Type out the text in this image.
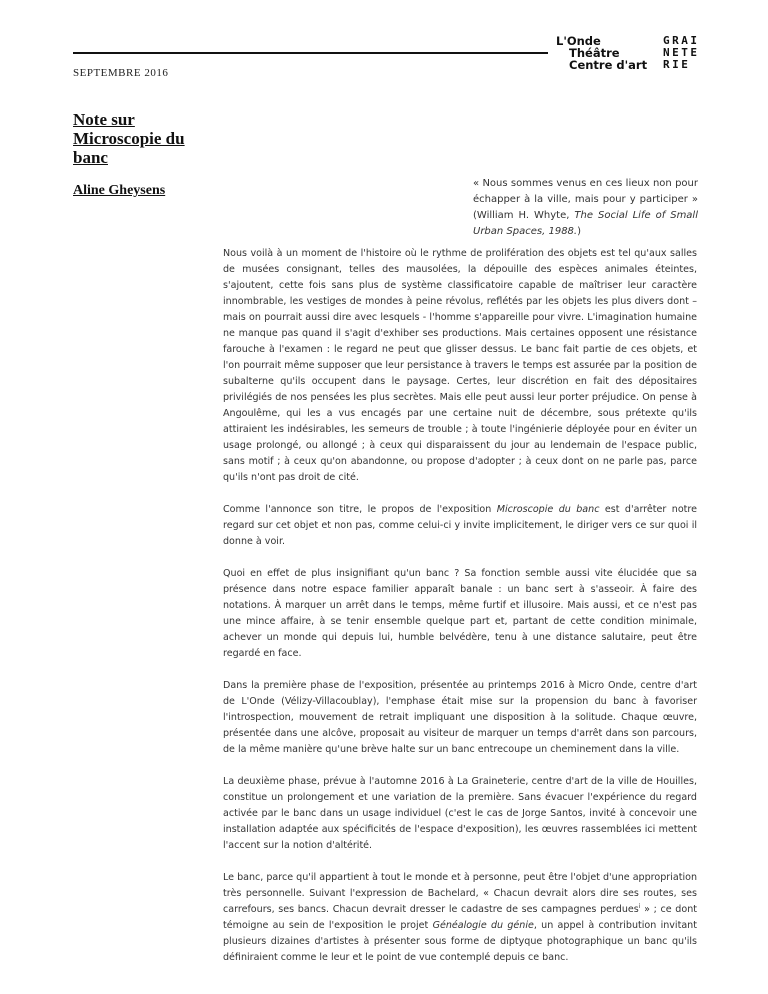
SEPTEMBRE 2016
L'Onde
Théâtre
Centre d'art
GRAI
NETE
RIE
Note sur Microscopie du banc
Aline Gheysens	« Nous sommes venus en ces lieux non pour échapper à la ville, mais pour y participer » (William H. Whyte, The Social Life of Small Urban Spaces, 1988.)

Nous voilà à un moment de l'histoire où le rythme de prolifération des objets est tel qu'aux salles de musées consignant, telles des mausolées, la dépouille des espèces animales éteintes, s'ajoutent, cette fois sans plus de système classificatoire capable de maîtriser leur caractère innombrable, les vestiges de mondes à peine révolus, reflétés par les objets les plus divers dont – mais on pourrait aussi dire avec lesquels - l'homme s'appareille pour vivre. L'imagination humaine ne manque pas quand il s'agit d'exhiber ses productions. Mais certaines opposent une résistance farouche à l'examen : le regard ne peut que glisser dessus. Le banc fait partie de ces objets, et l'on pourrait même supposer que leur persistance à travers le temps est assurée par la position de subalterne qu'ils occupent dans le paysage. Certes, leur discrétion en fait des dépositaires privilégiés de nos pensées les plus secrètes. Mais elle peut aussi leur porter préjudice. On pense à Angoulême, qui les a vus encagés par une certaine nuit de décembre, sous prétexte qu'ils attiraient les indésirables, les semeurs de trouble ; à toute l'ingénierie déployée pour en éviter un usage prolongé, ou allongé ; à ceux qui disparaissent du jour au lendemain de l'espace public, sans motif ; à ceux qu'on abandonne, ou propose d'adopter ; à ceux dont on ne parle pas, parce qu'ils n'ont pas droit de cité.

Comme l'annonce son titre, le propos de l'exposition Microscopie du banc est d'arrêter notre regard sur cet objet et non pas, comme celui-ci y invite implicitement, le diriger vers ce sur quoi il donne à voir.

Quoi en effet de plus insignifiant qu'un banc ? Sa fonction semble aussi vite élucidée que sa présence dans notre espace familier apparaît banale : un banc sert à s'asseoir. À faire des notations. À marquer un arrêt dans le temps, même furtif et illusoire. Mais aussi, et ce n'est pas une mince affaire, à se tenir ensemble quelque part et, partant de cette condition minimale, achever un monde qui depuis lui, humble belvédère, tenu à une distance salutaire, peut être regardé en face.

Dans la première phase de l'exposition, présentée au printemps 2016 à Micro Onde, centre d'art de L'Onde (Vélizy-Villacoublay), l'emphase était mise sur la propension du banc à favoriser l'introspection, mouvement de retrait impliquant une disposition à la solitude. Chaque œuvre, présentée dans une alcôve, proposait au visiteur de marquer un temps d'arrêt dans son parcours, de la même manière qu'une brève halte sur un banc entrecoupe un cheminement dans la ville.

La deuxième phase, prévue à l'automne 2016 à La Graineterie, centre d'art de la ville de Houilles, constitue un prolongement et une variation de la première. Sans évacuer l'expérience du regard activée par le banc dans un usage individuel (c'est le cas de Jorge Santos, invité à concevoir une installation adaptée aux spécificités de l'espace d'exposition), les œuvres rassemblées ici mettent l'accent sur la notion d'altérité.

Le banc, parce qu'il appartient à tout le monde et à personne, peut être l'objet d'une appropriation très personnelle. Suivant l'expression de Bachelard, « Chacun devrait alors dire ses routes, ses carrefours, ses bancs. Chacun devrait dresser le cadastre de ses campagnes perdues$^i$ » ; ce dont témoigne au sein de l'exposition le projet Généalogie du génie, un appel à contribution invitant plusieurs dizaines d'artistes à présenter sous forme de diptyque photographique un banc qu'ils définiraient comme le leur et le point de vue contemplé depuis ce banc.
